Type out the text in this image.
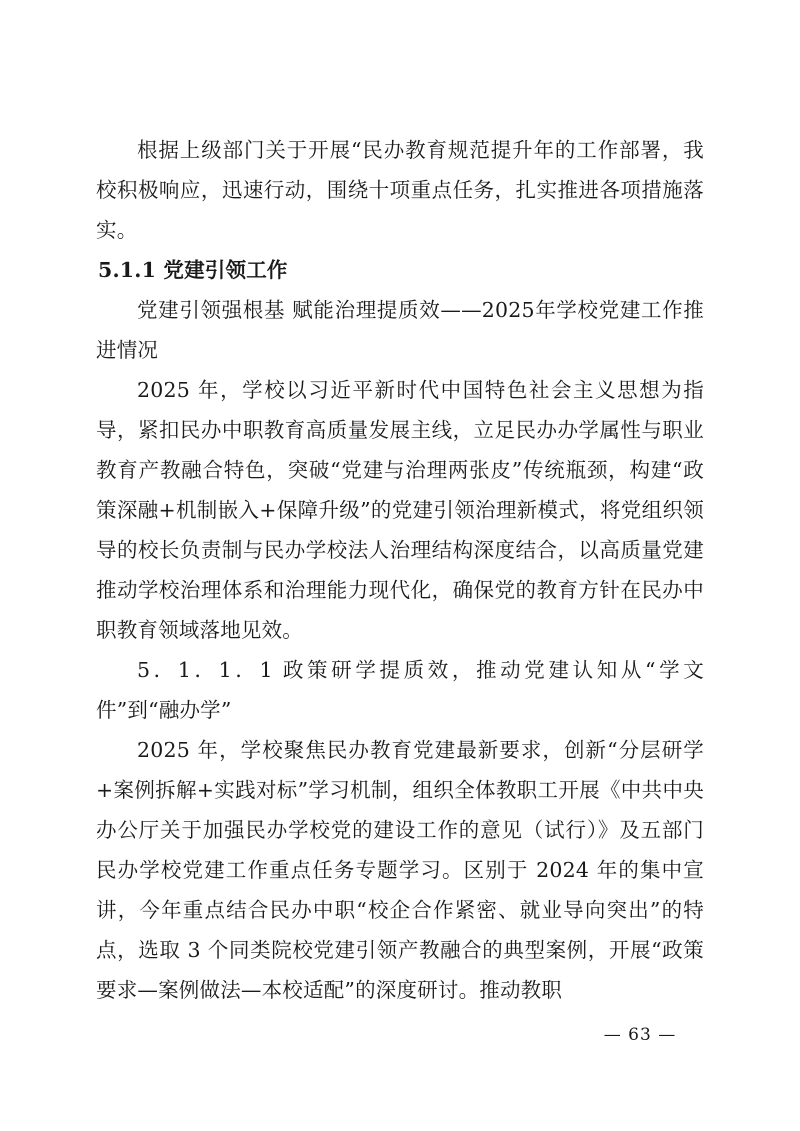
根据上级部门关于开展“民办教育规范提升年的工作部署，我校积极响应，迅速行动，围绕十项重点任务，扎实推进各项措施落实。

5.1.1 党建引领工作

党建引领强根基 赋能治理提质效——2025年学校党建工作推进情况

2025 年，学校以习近平新时代中国特色社会主义思想为指导，紧扣民办中职教育高质量发展主线，立足民办办学属性与职业教育产教融合特色，突破“党建与治理两张皮”传统瓶颈，构建“政策深融+机制嵌入+保障升级”的党建引领治理新模式，将党组织领导的校长负责制与民办学校法人治理结构深度结合，以高质量党建推动学校治理体系和治理能力现代化，确保党的教育方针在民办中职教育领域落地见效。

5．1．1．1 政策研学提质效，推动党建认知从“学文件”到“融办学”

2025 年，学校聚焦民办教育党建最新要求，创新“分层研学+案例拆解+实践对标”学习机制，组织全体教职工开展《中共中央办公厅关于加强民办学校党的建设工作的意见（试行）》及五部门民办学校党建工作重点任务专题学习。区别于 2024 年的集中宣讲，今年重点结合民办中职“校企合作紧密、就业导向突出”的特点，选取 3 个同类院校党建引领产教融合的典型案例，开展“政策要求—案例做法—本校适配”的深度研讨。推动教职

— 63 —
